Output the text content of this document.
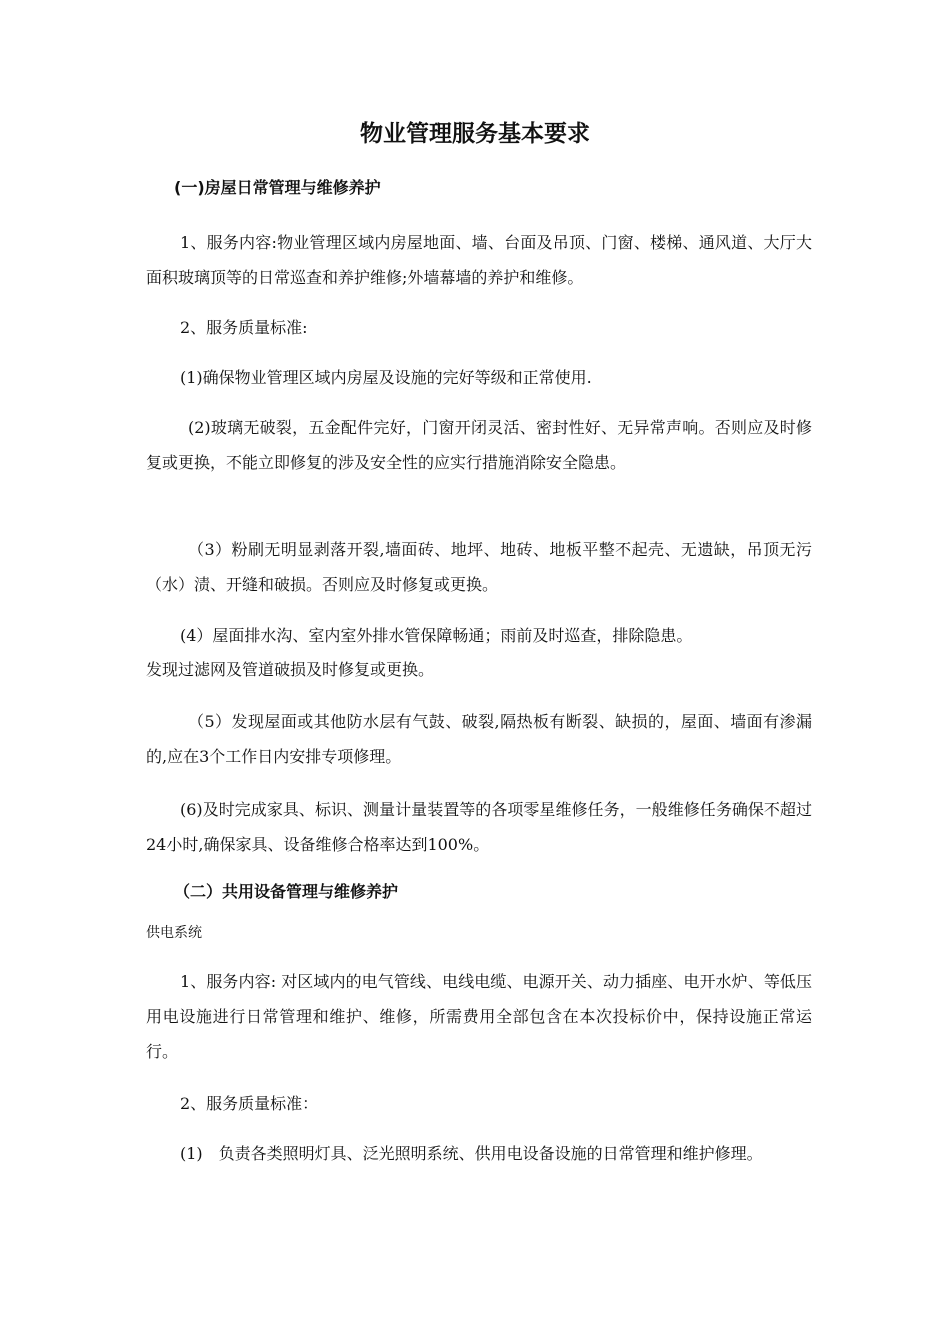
物业管理服务基本要求
(一)房屋日常管理与维修养护

1、服务内容:物业管理区域内房屋地面、墙、台面及吊顶、门窗、楼梯、通风道、大厅大面积玻璃顶等的日常巡查和养护维修;外墙幕墙的养护和维修。

2、服务质量标准:

(1)确保物业管理区域内房屋及设施的完好等级和正常使用.

(2)玻璃无破裂，五金配件完好，门窗开闭灵活、密封性好、无异常声响。否则应及时修复或更换，不能立即修复的涉及安全性的应实行措施消除安全隐患。

（3）粉刷无明显剥落开裂,墙面砖、地坪、地砖、地板平整不起壳、无遗缺，吊顶无污（水）渍、开缝和破损。否则应及时修复或更换。

(4）屋面排水沟、室内室外排水管保障畅通；雨前及时巡查，排除隐患。

发现过滤网及管道破损及时修复或更换。

（5）发现屋面或其他防水层有气鼓、破裂,隔热板有断裂、缺损的，屋面、墙面有渗漏的,应在3个工作日内安排专项修理。

(6)及时完成家具、标识、测量计量装置等的各项零星维修任务，一般维修任务确保不超过24小时,确保家具、设备维修合格率达到100%。

（二）共用设备管理与维修养护

供电系统

1、服务内容: 对区域内的电气管线、电线电缆、电源开关、动力插座、电开水炉、等低压用电设施进行日常管理和维护、维修，所需费用全部包含在本次投标价中，保持设施正常运行。

2、服务质量标准：

(1)　负责各类照明灯具、泛光照明系统、供用电设备设施的日常管理和维护修理。
